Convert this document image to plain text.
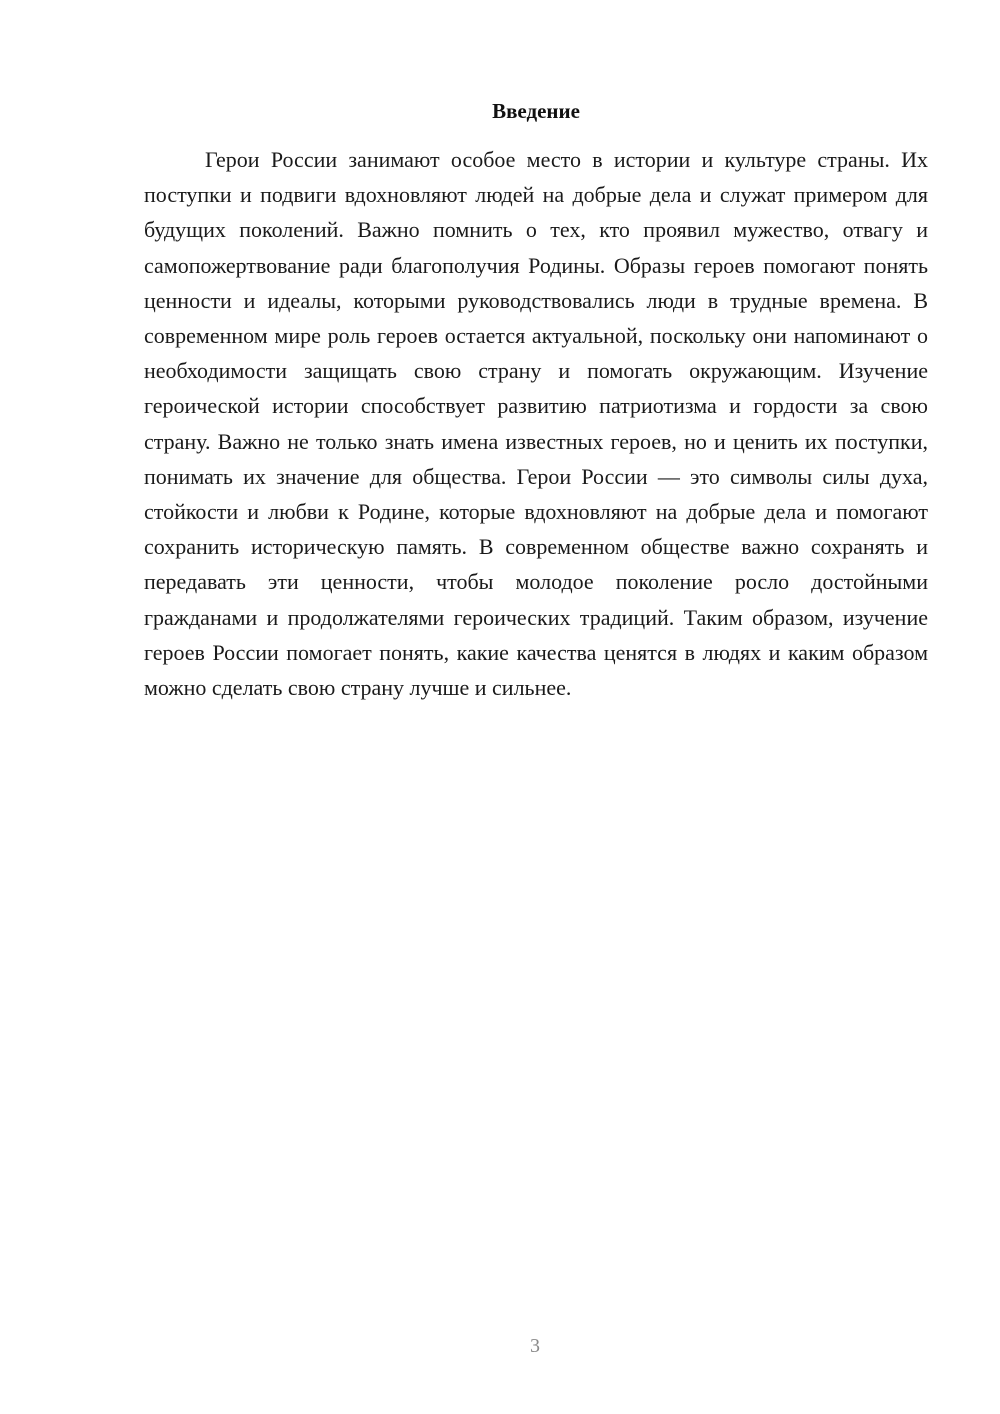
Введение

Герои России занимают особое место в истории и культуре страны. Их поступки и подвиги вдохновляют людей на добрые дела и служат примером для будущих поколений. Важно помнить о тех, кто проявил мужество, отвагу и самопожертвование ради благополучия Родины. Образы героев помогают понять ценности и идеалы, которыми руководствовались люди в трудные времена. В современном мире роль героев остается актуальной, поскольку они напоминают о необходимости защищать свою страну и помогать окружающим. Изучение героической истории способствует развитию патриотизма и гордости за свою страну. Важно не только знать имена известных героев, но и ценить их поступки, понимать их значение для общества. Герои России — это символы силы духа, стойкости и любви к Родине, которые вдохновляют на добрые дела и помогают сохранить историческую память. В современном обществе важно сохранять и передавать эти ценности, чтобы молодое поколение росло достойными гражданами и продолжателями героических традиций. Таким образом, изучение героев России помогает понять, какие качества ценятся в людях и каким образом можно сделать свою страну лучше и сильнее.

3
